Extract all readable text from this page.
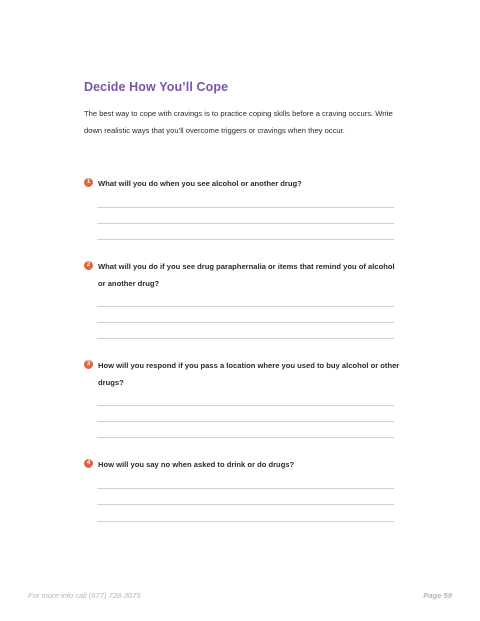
Decide How You’ll Cope
The best way to cope with cravings is to practice coping skills before a craving occurs. Write down realistic ways that you’ll overcome triggers or cravings when they occur.
1	What will you do when you see alcohol or another drug?
2	What will you do if you see drug paraphernalia or items that remind you of alcohol or another drug?
3	How will you respond if you pass a location where you used to buy alcohol or other drugs?
4	How will you say no when asked to drink or do drugs?
For more info call (877) 728-3075	Page 59
